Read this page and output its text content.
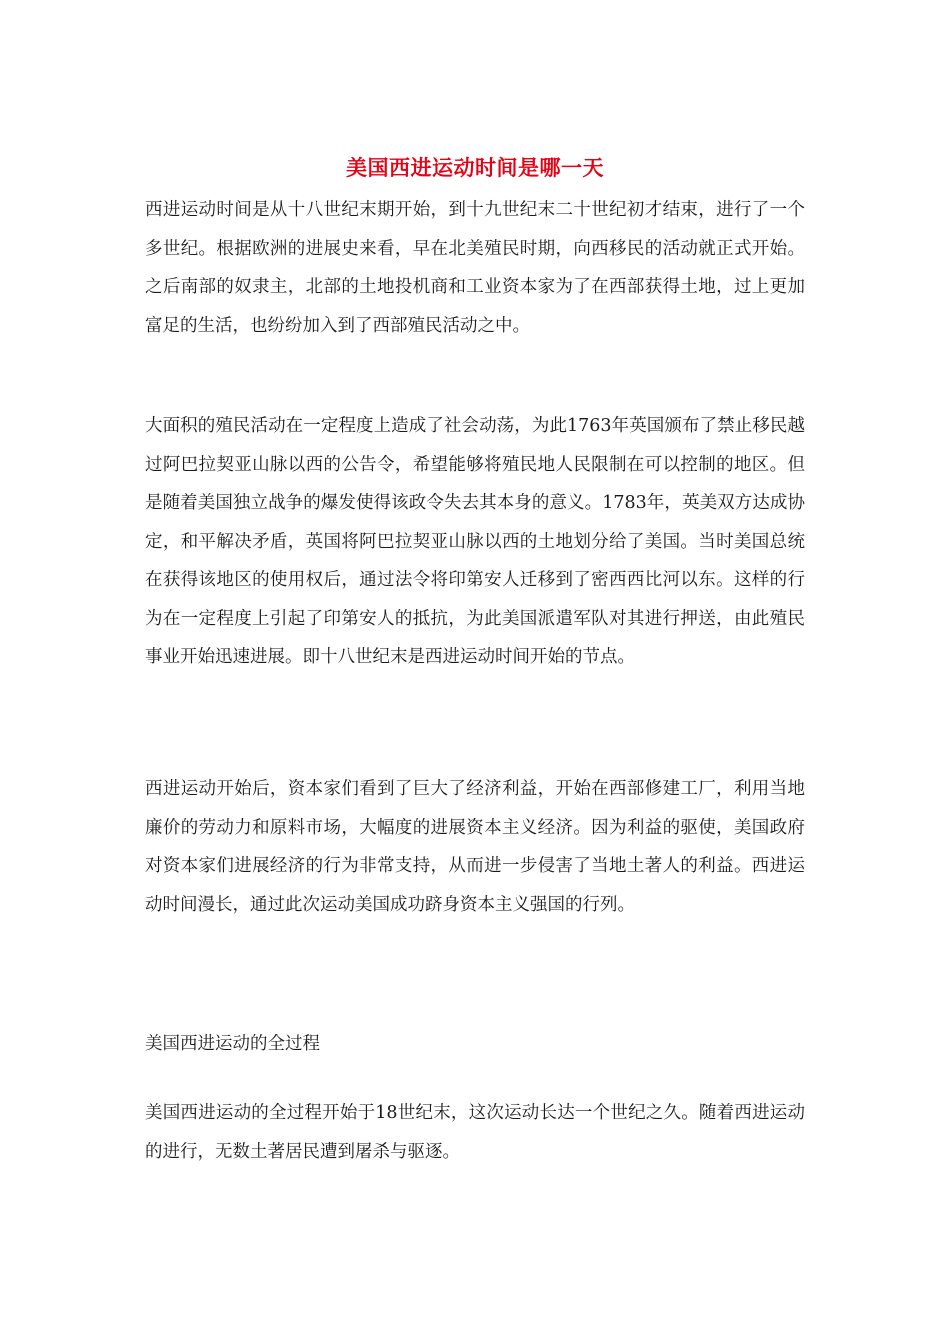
美国西进运动时间是哪一天

西进运动时间是从十八世纪末期开始，到十九世纪末二十世纪初才结束，进行了一个多世纪。根据欧洲的进展史来看，早在北美殖民时期，向西移民的活动就正式开始。之后南部的奴隶主，北部的土地投机商和工业资本家为了在西部获得土地，过上更加富足的生活，也纷纷加入到了西部殖民活动之中。

大面积的殖民活动在一定程度上造成了社会动荡，为此1763年英国颁布了禁止移民越过阿巴拉契亚山脉以西的公告令，希望能够将殖民地人民限制在可以控制的地区。但是随着美国独立战争的爆发使得该政令失去其本身的意义。1783年，英美双方达成协定，和平解决矛盾，英国将阿巴拉契亚山脉以西的土地划分给了美国。当时美国总统在获得该地区的使用权后，通过法令将印第安人迁移到了密西西比河以东。这样的行为在一定程度上引起了印第安人的抵抗，为此美国派遣军队对其进行押送，由此殖民事业开始迅速进展。即十八世纪末是西进运动时间开始的节点。

西进运动开始后，资本家们看到了巨大了经济利益，开始在西部修建工厂，利用当地廉价的劳动力和原料市场，大幅度的进展资本主义经济。因为利益的驱使，美国政府对资本家们进展经济的行为非常支持，从而进一步侵害了当地土著人的利益。西进运动时间漫长，通过此次运动美国成功跻身资本主义强国的行列。

美国西进运动的全过程

美国西进运动的全过程开始于18世纪末，这次运动长达一个世纪之久。随着西进运动的进行，无数土著居民遭到屠杀与驱逐。
